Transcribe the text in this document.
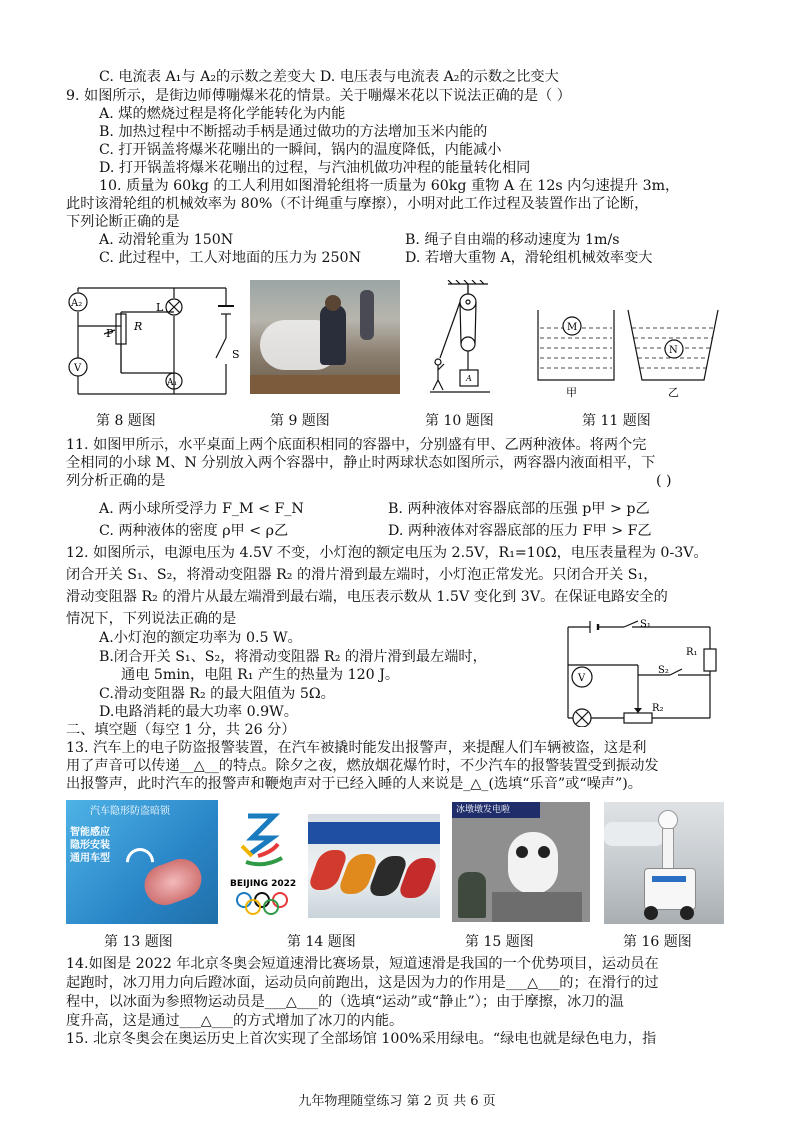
C. 电流表 A₁与 A₂的示数之差变大 D. 电压表与电流表 A₂的示数之比变大
9. 如图所示，是街边师傅嘣爆米花的情景。关于嘣爆米花以下说法正确的是（ ）
A. 煤的燃烧过程是将化学能转化为内能
B. 加热过程中不断摇动手柄是通过做功的方法增加玉米内能的
C. 打开锅盖将爆米花嘣出的一瞬间，锅内的温度降低，内能减小
D. 打开锅盖将爆米花嘣出的过程，与汽油机做功冲程的能量转化相同
10. 质量为 60kg 的工人利用如图滑轮组将一质量为 60kg 重物 A 在 12s 内匀速提升 3m，
此时该滑轮组的机械效率为 80%（不计绳重与摩擦），小明对此工作过程及装置作出了论断，
下列论断正确的是
A. 动滑轮重为 150N	B. 绳子自由端的移动速度为 1m/s
C. 此过程中，工人对地面的压力为 250N	D. 若增大重物 A，滑轮组机械效率变大
A₂
P
R
L
S
V
A₁	A
M
N
甲	乙
第 8 题图	第 9 题图	第 10 题图	第 11 题图
11. 如图甲所示，水平桌面上两个底面积相同的容器中，分别盛有甲、乙两种液体。将两个完
全相同的小球 M、N 分别放入两个容器中，静止时两球状态如图所示，两容器内液面相平，下
列分析正确的是	( )
A. 两小球所受浮力 F_M < F_N	B. 两种液体对容器底部的压强 p甲 > p乙
C. 两种液体的密度 ρ甲 < ρ乙	D. 两种液体对容器底部的压力 F甲 > F乙
12. 如图所示，电源电压为 4.5V 不变，小灯泡的额定电压为 2.5V，R₁=10Ω，电压表量程为 0-3V。
闭合开关 S₁、S₂，将滑动变阻器 R₂ 的滑片滑到最左端时，小灯泡正常发光。只闭合开关 S₁，
滑动变阻器 R₂ 的滑片从最左端滑到最右端，电压表示数从 1.5V 变化到 3V。在保证电路安全的
情况下，下列说法正确的是
A.小灯泡的额定功率为 0.5 W。
B.闭合开关 S₁、S₂，将滑动变阻器 R₂ 的滑片滑到最左端时，
通电 5min，电阻 R₁ 产生的热量为 120 J。
C.滑动变阻器 R₂ 的最大阻值为 5Ω。
D.电路消耗的最大功率 0.9W。
S₁
S₂
R₁
R₂
V
二、填空题（每空 1 分，共 26 分）
13. 汽车上的电子防盗报警装置，在汽车被撬时能发出报警声，来提醒人们车辆被盗，这是利
用了声音可以传递__△__的特点。除夕之夜，燃放烟花爆竹时，不少汽车的报警装置受到振动发
出报警声，此时汽车的报警声和鞭炮声对于已经入睡的人来说是_△_(选填“乐音”或“噪声”)。
汽车隐形防盗暗锁
智能感应
隐形安装
通用车型
BEIJING 2022
冰墩墩发电啦
第 13 题图	第 14 题图	第 15 题图	第 16 题图
14.如图是 2022 年北京冬奥会短道速滑比赛场景，短道速滑是我国的一个优势项目，运动员在
起跑时，冰刀用力向后蹬冰面，运动员向前跑出，这是因为力的作用是___△___的；在滑行的过
程中，以冰面为参照物运动员是___△___的（选填“运动”或“静止”）；由于摩擦，冰刀的温
度升高，这是通过___△___的方式增加了冰刀的内能。
15. 北京冬奥会在奥运历史上首次实现了全部场馆 100%采用绿电。“绿电也就是绿色电力，指
九年物理随堂练习 第 2 页 共 6 页
